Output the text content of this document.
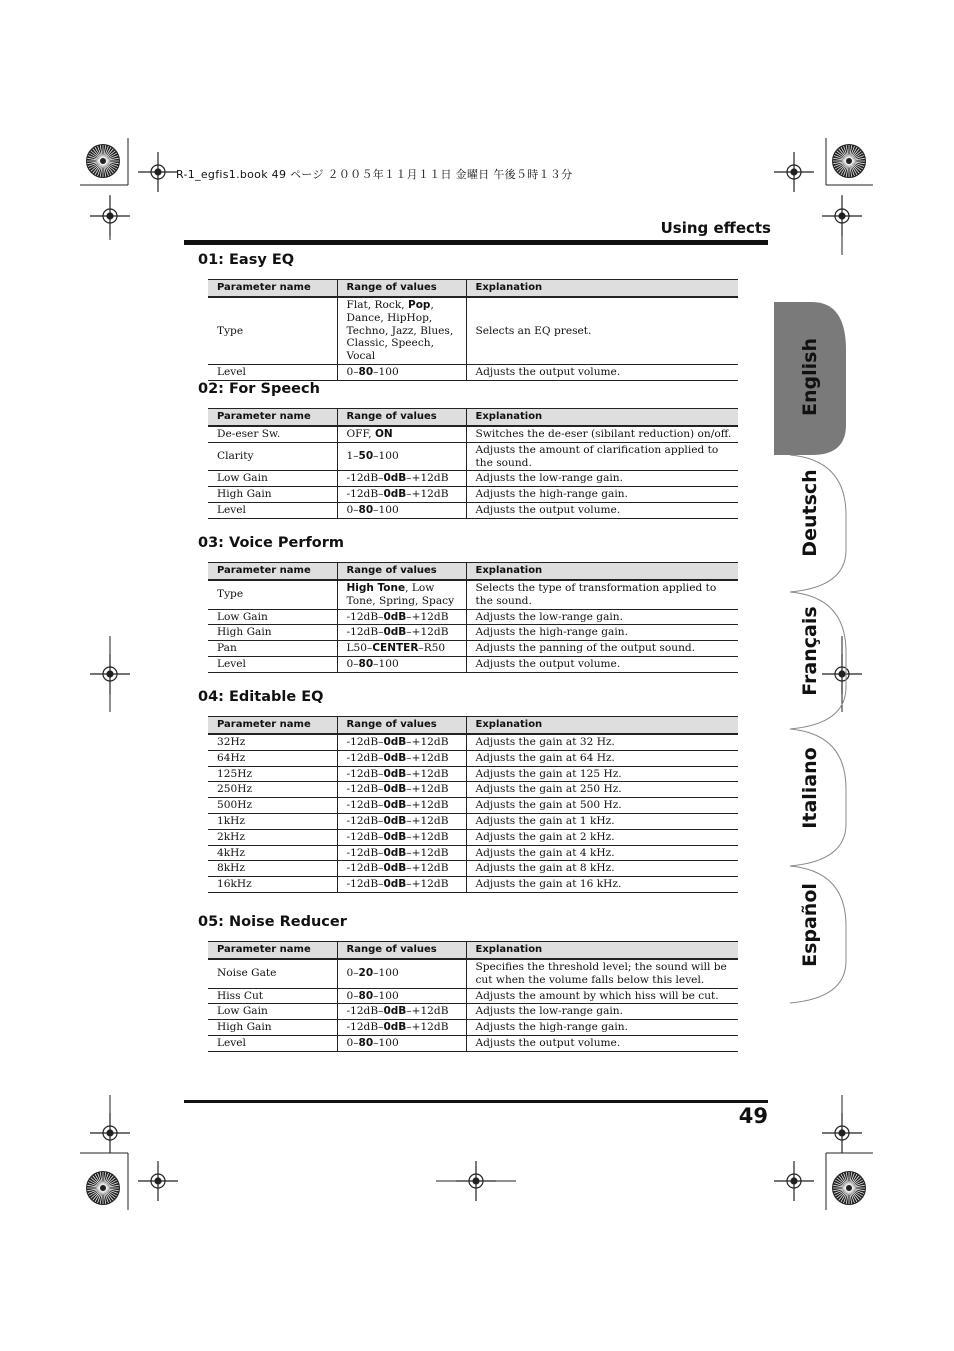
R-1_egfis1.book 49 ページ ２００５年１１月１１日 金曜日 午後５時１３分
Using effects
01: Easy EQ
Parameter name	Range of values	Explanation
Type	Flat, Rock, Pop, Dance, HipHop, Techno, Jazz, Blues, Classic, Speech, Vocal	Selects an EQ preset.
Level	0–80–100	Adjusts the output volume.
02: For Speech
Parameter name	Range of values	Explanation
De-eser Sw.	OFF, ON	Switches the de-eser (sibilant reduction) on/off.
Clarity	1–50–100	Adjusts the amount of clarification applied to the sound.
Low Gain	-12dB–0dB–+12dB	Adjusts the low-range gain.
High Gain	-12dB–0dB–+12dB	Adjusts the high-range gain.
Level	0–80–100	Adjusts the output volume.
03: Voice Perform
Parameter name	Range of values	Explanation
Type	High Tone, Low Tone, Spring, Spacy	Selects the type of transformation applied to the sound.
Low Gain	-12dB–0dB–+12dB	Adjusts the low-range gain.
High Gain	-12dB–0dB–+12dB	Adjusts the high-range gain.
Pan	L50–CENTER–R50	Adjusts the panning of the output sound.
Level	0–80–100	Adjusts the output volume.
04: Editable EQ
Parameter name	Range of values	Explanation
32Hz	-12dB–0dB–+12dB	Adjusts the gain at 32 Hz.
64Hz	-12dB–0dB–+12dB	Adjusts the gain at 64 Hz.
125Hz	-12dB–0dB–+12dB	Adjusts the gain at 125 Hz.
250Hz	-12dB–0dB–+12dB	Adjusts the gain at 250 Hz.
500Hz	-12dB–0dB–+12dB	Adjusts the gain at 500 Hz.
1kHz	-12dB–0dB–+12dB	Adjusts the gain at 1 kHz.
2kHz	-12dB–0dB–+12dB	Adjusts the gain at 2 kHz.
4kHz	-12dB–0dB–+12dB	Adjusts the gain at 4 kHz.
8kHz	-12dB–0dB–+12dB	Adjusts the gain at 8 kHz.
16kHz	-12dB–0dB–+12dB	Adjusts the gain at 16 kHz.
05: Noise Reducer
Parameter name	Range of values	Explanation
Noise Gate	0–20–100	Specifies the threshold level; the sound will be cut when the volume falls below this level.
Hiss Cut	0–80–100	Adjusts the amount by which hiss will be cut.
Low Gain	-12dB–0dB–+12dB	Adjusts the low-range gain.
High Gain	-12dB–0dB–+12dB	Adjusts the high-range gain.
Level	0–80–100	Adjusts the output volume.
English
Deutsch
Français
Italiano
Español
49
